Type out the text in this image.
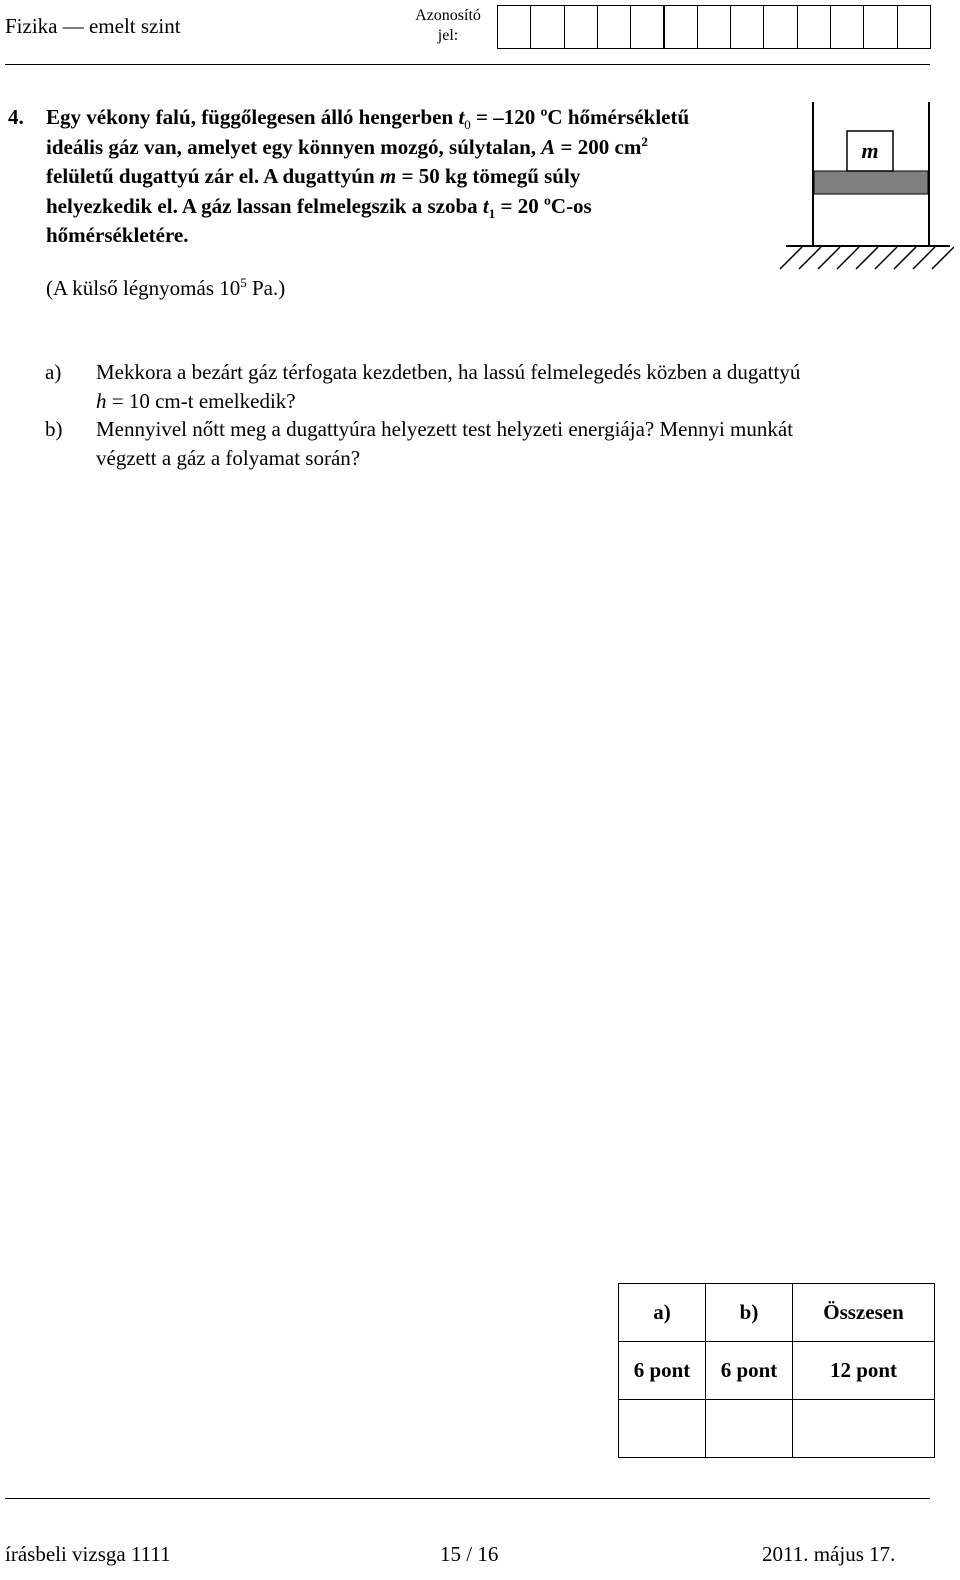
Fizika — emelt szint	Azonosító
jel:
4. Egy vékony falú, függőlegesen álló hengerben $t_0 = -120$ ºC hőmérsékletű
ideális gáz van, amelyet egy könnyen mozgó, súlytalan, A = 200 $cm^2$
felületű dugattyú zár el. A dugattyún m = 50 kg tömegű súly
helyezkedik el. A gáz lassan felmelegszik a szoba $t_1 = 20$ ºC-os
hőmérsékletére.
(A külső légnyomás $10^5$ Pa.)
m
a) Mekkora a bezárt gáz térfogata kezdetben, ha lassú felmelegedés közben a dugattyú
h = 10 cm-t emelkedik?
b) Mennyivel nőtt meg a dugattyúra helyezett test helyzeti energiája? Mennyi munkát
végzett a gáz a folyamat során?
a)	b)	Összesen
6 pont	6 pont	12 pont

írásbeli vizsga 1111	15 / 16	2011. május 17.
